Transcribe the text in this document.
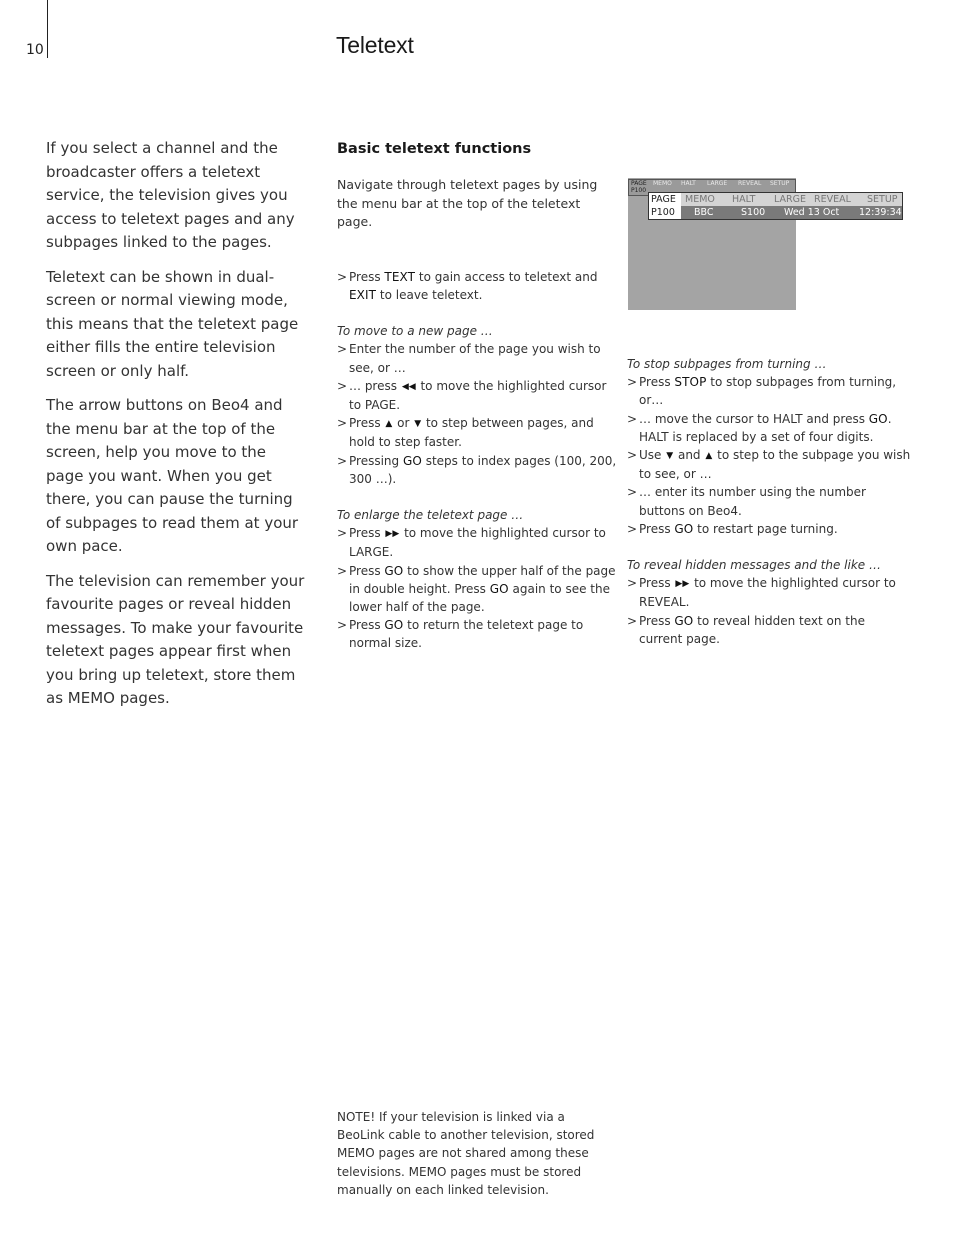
10	Teletext

If you select a channel and the broadcaster offers a teletext service, the television gives you access to teletext pages and any subpages linked to the pages.

Teletext can be shown in dual-screen or normal viewing mode, this means that the teletext page either fills the entire television screen or only half.

The arrow buttons on Beo4 and the menu bar at the top of the screen, help you move to the page you want. When you get there, you can pause the turning of subpages to read them at your own pace.

The television can remember your favourite pages or reveal hidden messages. To make your favourite teletext pages appear first when you bring up teletext, store them as MEMO pages.

Basic teletext functions
Navigate through teletext pages by using the menu bar at the top of the teletext page.
> Press TEXT to gain access to teletext and EXIT to leave teletext.
To move to a new page …
> Enter the number of the page you wish to see, or …
> … press ◀◀ to move the highlighted cursor to PAGE.
> Press ▲ or ▼ to step between pages, and hold to step faster.
> Pressing GO steps to index pages (100, 200, 300 …).
To enlarge the teletext page …
> Press ▶▶ to move the highlighted cursor to LARGE.
> Press GO to show the upper half of the page in double height. Press GO again to see the lower half of the page.
> Press GO to return the teletext page to normal size.
PAGE
P100
MEMO HALT LARGE REVEAL SETUP
PAGE MEMO HALT LARGE REVEAL SETUP
P100	BBC	S100 Wed 13 Oct 12:39:34
To stop subpages from turning …
> Press STOP to stop subpages from turning, or…
> … move the cursor to HALT and press GO. HALT is replaced by a set of four digits.
> Use ▼ and ▲ to step to the subpage you wish to see, or …
> … enter its number using the number buttons on Beo4.
> Press GO to restart page turning.
To reveal hidden messages and the like …
> Press ▶▶ to move the highlighted cursor to REVEAL.
> Press GO to reveal hidden text on the current page.
NOTE! If your television is linked via a BeoLink cable to another television, stored MEMO pages are not shared among these televisions. MEMO pages must be stored manually on each linked television.
